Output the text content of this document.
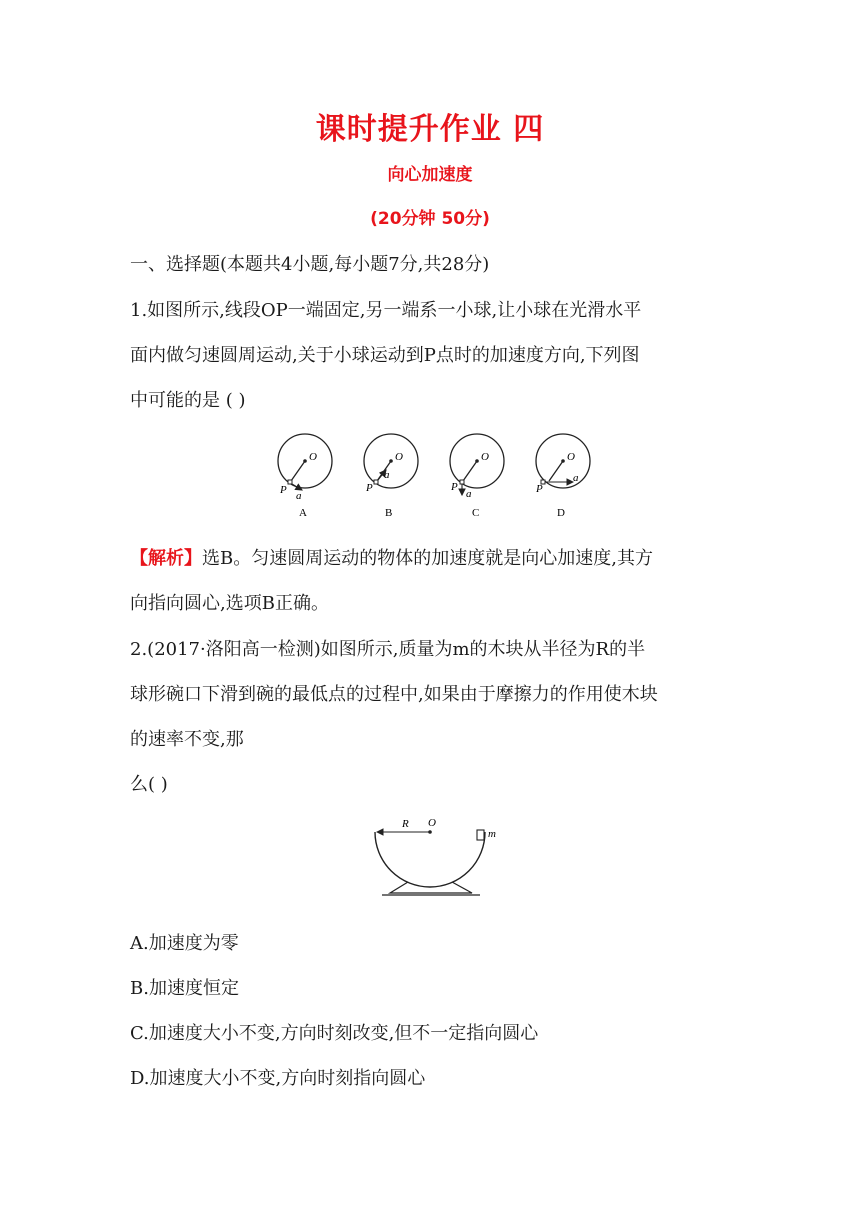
课时提升作业 四
向心加速度
(20分钟 50分)
一、选择题(本题共4小题,每小题7分,共28分)
1.如图所示,线段OP一端固定,另一端系一小球,让小球在光滑水平
面内做匀速圆周运动,关于小球运动到P点时的加速度方向,下列图
中可能的是 ( )
O
P a
A
O
P
a
B
O
P
a
C
O
P
a
D
【解析】选B。匀速圆周运动的物体的加速度就是向心加速度,其方
向指向圆心,选项B正确。
2.(2017·洛阳高一检测)如图所示,质量为m的木块从半径为R的半
球形碗口下滑到碗的最低点的过程中,如果由于摩擦力的作用使木块
的速率不变,那
么( )
R O
m
A.加速度为零
B.加速度恒定
C.加速度大小不变,方向时刻改变,但不一定指向圆心
D.加速度大小不变,方向时刻指向圆心
